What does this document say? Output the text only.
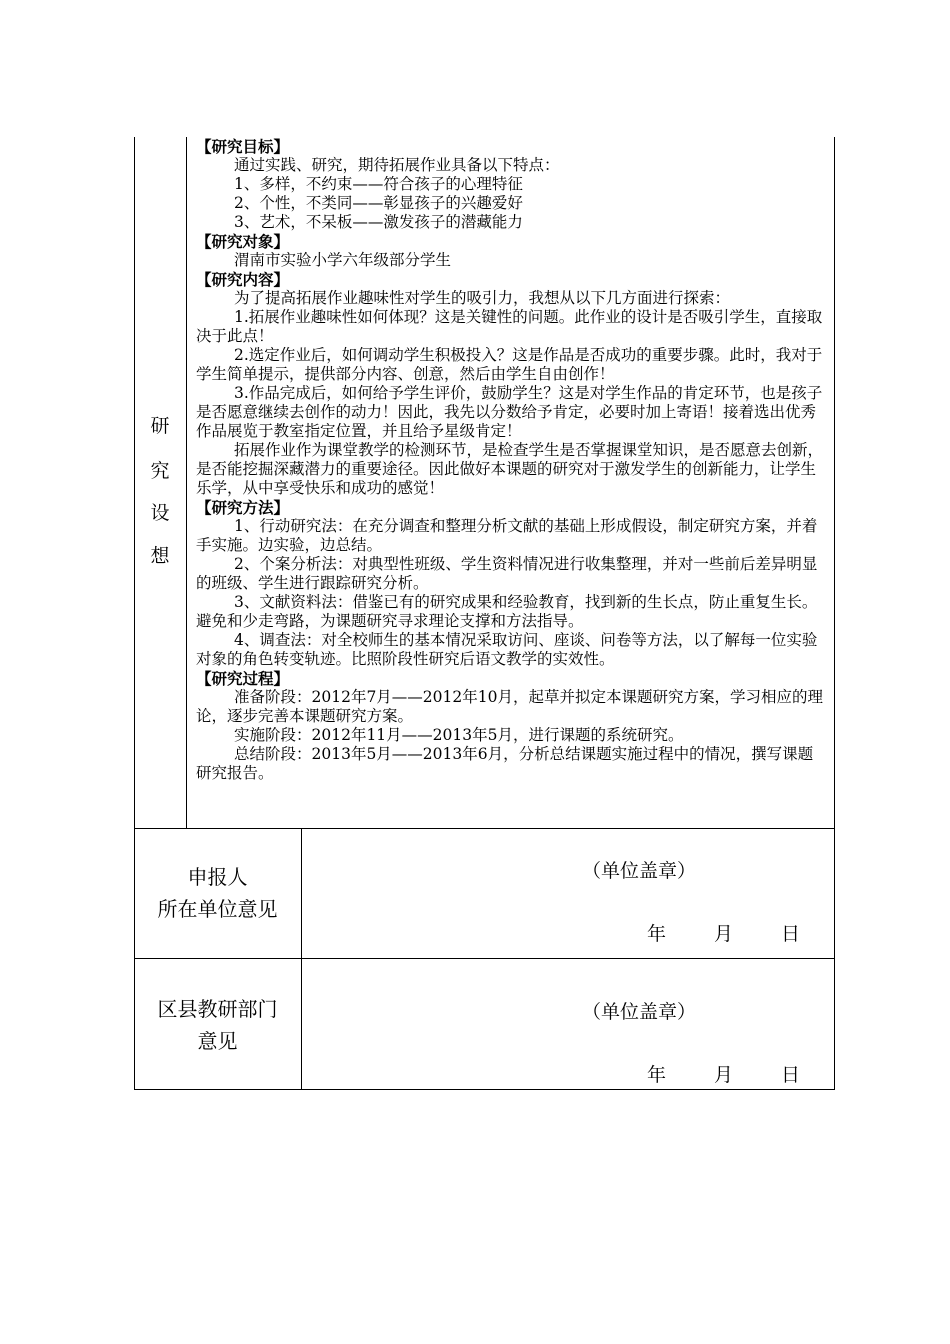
研
究
设
想

【研究目标】

通过实践、研究，期待拓展作业具备以下特点：

1、多样，不约束——符合孩子的心理特征

2、个性，不类同——彰显孩子的兴趣爱好

3、艺术，不呆板——激发孩子的潜藏能力

【研究对象】

渭南市实验小学六年级部分学生

【研究内容】

为了提高拓展作业趣味性对学生的吸引力，我想从以下几方面进行探索：

1.拓展作业趣味性如何体现？这是关键性的问题。此作业的设计是否吸引学生，直接取决于此点！

2.选定作业后，如何调动学生积极投入？这是作品是否成功的重要步骤。此时，我对于学生简单提示，提供部分内容、创意，然后由学生自由创作！

3.作品完成后，如何给予学生评价，鼓励学生？这是对学生作品的肯定环节，也是孩子是否愿意继续去创作的动力！因此，我先以分数给予肯定，必要时加上寄语！接着选出优秀作品展览于教室指定位置，并且给予星级肯定！

拓展作业作为课堂教学的检测环节，是检查学生是否掌握课堂知识，是否愿意去创新，是否能挖掘深藏潜力的重要途径。因此做好本课题的研究对于激发学生的创新能力，让学生乐学，从中享受快乐和成功的感觉！

【研究方法】

1、行动研究法：在充分调查和整理分析文献的基础上形成假设，制定研究方案，并着手实施。边实验，边总结。

2、个案分析法：对典型性班级、学生资料情况进行收集整理，并对一些前后差异明显的班级、学生进行跟踪研究分析。

3、文献资料法：借鉴已有的研究成果和经验教育，找到新的生长点，防止重复生长。避免和少走弯路，为课题研究寻求理论支撑和方法指导。

4、调查法：对全校师生的基本情况采取访问、座谈、问卷等方法，以了解每一位实验对象的角色转变轨迹。比照阶段性研究后语文教学的实效性。

【研究过程】

准备阶段：2012年7月——2012年10月，起草并拟定本课题研究方案，学习相应的理论，逐步完善本课题研究方案。

实施阶段：2012年11月——2013年5月，进行课题的系统研究。

总结阶段：2013年5月——2013年6月，分析总结课题实施过程中的情况，撰写课题研究报告。

申报人
所在单位意见
（单位盖章）
年	月	日
区县教研部门
意见
（单位盖章）
年	月	日
